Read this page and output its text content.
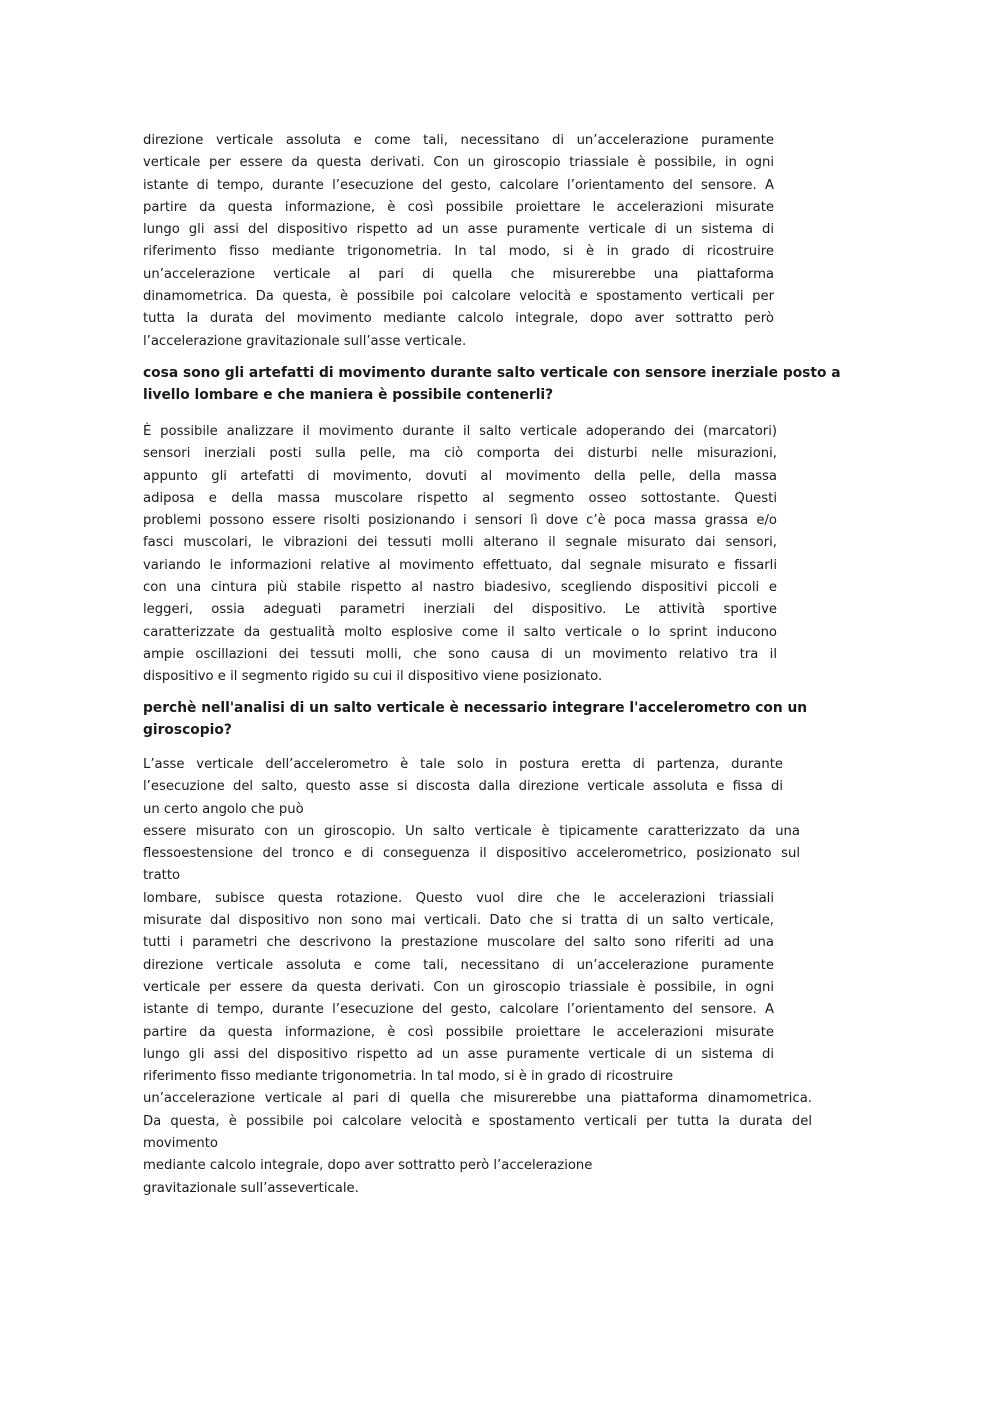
direzione verticale assoluta e come tali, necessitano di un’accelerazione puramente
verticale per essere da questa derivati. Con un giroscopio triassiale è possibile, in ogni
istante di tempo, durante l’esecuzione del gesto, calcolare l’orientamento del sensore. A
partire da questa informazione, è così possibile proiettare le accelerazioni misurate
lungo gli assi del dispositivo rispetto ad un asse puramente verticale di un sistema di
riferimento fisso mediante trigonometria. In tal modo, si è in grado di ricostruire
un’accelerazione verticale al pari di quella che misurerebbe una piattaforma
dinamometrica. Da questa, è possibile poi calcolare velocità e spostamento verticali per
tutta la durata del movimento mediante calcolo integrale, dopo aver sottratto però
l’accelerazione gravitazionale sull’asse verticale.
cosa sono gli artefatti di movimento durante salto verticale con sensore inerziale posto a
livello lombare e che maniera è possibile contenerli?
È possibile analizzare il movimento durante il salto verticale adoperando dei (marcatori)
sensori inerziali posti sulla pelle, ma ciò comporta dei disturbi nelle misurazioni,
appunto gli artefatti di movimento, dovuti al movimento della pelle, della massa
adiposa e della massa muscolare rispetto al segmento osseo sottostante. Questi
problemi possono essere risolti posizionando i sensori lì dove c’è poca massa grassa e/o
fasci muscolari, le vibrazioni dei tessuti molli alterano il segnale misurato dai sensori,
variando le informazioni relative al movimento effettuato, dal segnale misurato e fissarli
con una cintura più stabile rispetto al nastro biadesivo, scegliendo dispositivi piccoli e
leggeri, ossia adeguati parametri inerziali del dispositivo. Le attività sportive
caratterizzate da gestualità molto esplosive come il salto verticale o lo sprint inducono
ampie oscillazioni dei tessuti molli, che sono causa di un movimento relativo tra il
dispositivo e il segmento rigido su cui il dispositivo viene posizionato.
perchè nell'analisi di un salto verticale è necessario integrare l'accelerometro con un
giroscopio?
L’asse verticale dell’accelerometro è tale solo in postura eretta di partenza, durante
l’esecuzione del salto, questo asse si discosta dalla direzione verticale assoluta e fissa di
un certo angolo che può
essere misurato con un giroscopio. Un salto verticale è tipicamente caratterizzato da una
flessoestensione del tronco e di conseguenza il dispositivo accelerometrico, posizionato sul
tratto
lombare, subisce questa rotazione. Questo vuol dire che le accelerazioni triassiali
misurate dal dispositivo non sono mai verticali. Dato che si tratta di un salto verticale,
tutti i parametri che descrivono la prestazione muscolare del salto sono riferiti ad una
direzione verticale assoluta e come tali, necessitano di un’accelerazione puramente
verticale per essere da questa derivati. Con un giroscopio triassiale è possibile, in ogni
istante di tempo, durante l’esecuzione del gesto, calcolare l’orientamento del sensore. A
partire da questa informazione, è così possibile proiettare le accelerazioni misurate
lungo gli assi del dispositivo rispetto ad un asse puramente verticale di un sistema di
riferimento fisso mediante trigonometria. In tal modo, si è in grado di ricostruire
un’accelerazione verticale al pari di quella che misurerebbe una piattaforma dinamometrica.
Da questa, è possibile poi calcolare velocità e spostamento verticali per tutta la durata del
movimento
mediante calcolo integrale, dopo aver sottratto però l’accelerazione
gravitazionale sull’asseverticale.
